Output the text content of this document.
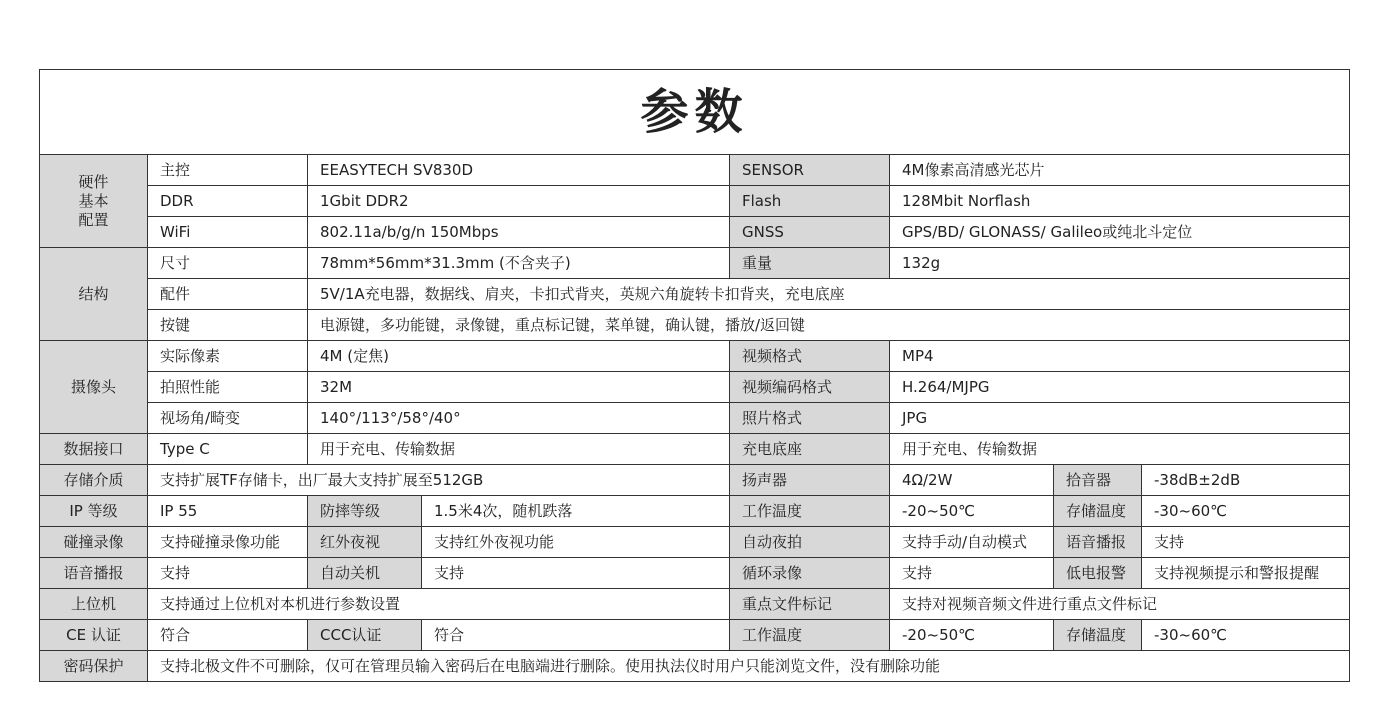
参数							
硬件
基本
配置	主控	EEASYTECH SV830D		SENSOR	4M像素高清感光芯片		
	DDR	1Gbit DDR2		Flash	128Mbit Norflash		
	WiFi	802.11a/b/g/n 150Mbps		GNSS	GPS/BD/ GLONASS/ Galileo或纯北斗定位		
结构	尺寸	78mm*56mm*31.3mm (不含夹子)		重量	132g		
	配件	5V/1A充电器，数据线、肩夹，卡扣式背夹，英规六角旋转卡扣背夹，充电底座					
	按键	电源键，多功能键，录像键，重点标记键，菜单键，确认键，播放/返回键					
摄像头	实际像素	4M (定焦)		视频格式	MP4		
	拍照性能	32M		视频编码格式	H.264/MJPG		
	视场角/畸变	140°/113°/58°/40°		照片格式	JPG		
数据接口	Type C	用于充电、传输数据		充电底座	用于充电、传输数据		
存储介质	支持扩展TF存储卡，出厂最大支持扩展至512GB			扬声器	4Ω/2W	拾音器	-38dB±2dB
IP 等级	IP 55	防摔等级	1.5米4次，随机跌落	工作温度	-20~50℃	存储温度	-30~60℃
碰撞录像	支持碰撞录像功能	红外夜视	支持红外夜视功能	自动夜拍	支持手动/自动模式	语音播报	支持
语音播报	支持	自动关机	支持	循环录像	支持	低电报警	支持视频提示和警报提醒
上位机	支持通过上位机对本机进行参数设置			重点文件标记	支持对视频音频文件进行重点文件标记		
CE 认证	符合	CCC认证	符合	工作温度	-20~50℃	存储温度	-30~60℃
密码保护	支持北极文件不可删除，仅可在管理员输入密码后在电脑端进行删除。使用执法仪时用户只能浏览文件，没有删除功能						
